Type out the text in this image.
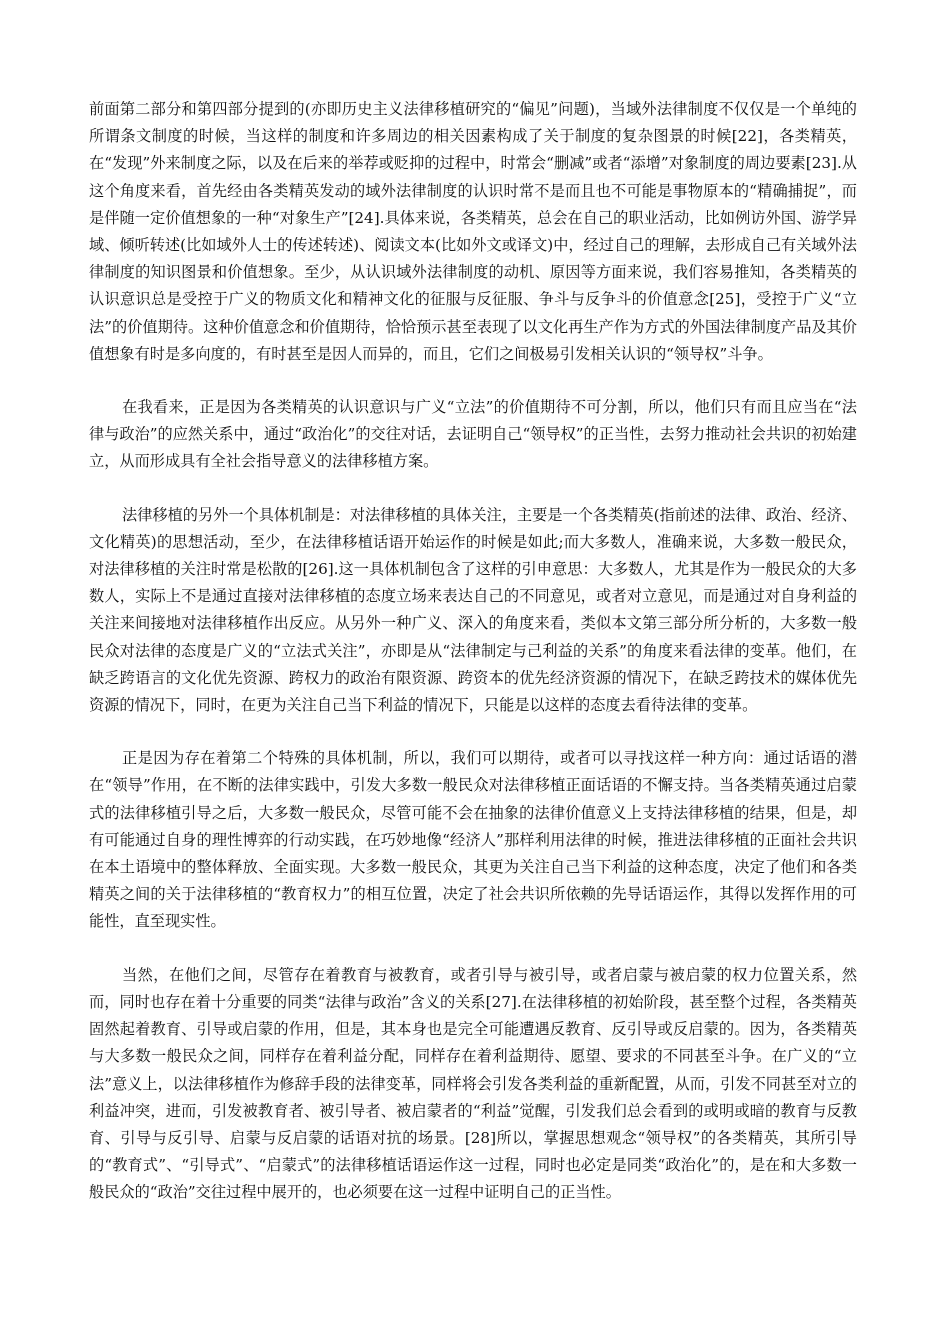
前面第二部分和第四部分提到的(亦即历史主义法律移植研究的“偏见”问题)，当域外法律制度不仅仅是一个单纯的所谓条文制度的时候，当这样的制度和许多周边的相关因素构成了关于制度的复杂图景的时候[22]，各类精英，在“发现”外来制度之际，以及在后来的举荐或贬抑的过程中，时常会“删减”或者“添增”对象制度的周边要素[23].从这个角度来看，首先经由各类精英发动的域外法律制度的认识时常不是而且也不可能是事物原本的“精确捕捉”，而是伴随一定价值想象的一种“对象生产”[24].具体来说，各类精英，总会在自己的职业活动，比如例访外国、游学异域、倾听转述(比如域外人士的传述转述)、阅读文本(比如外文或译文)中，经过自己的理解，去形成自己有关域外法律制度的知识图景和价值想象。至少，从认识域外法律制度的动机、原因等方面来说，我们容易推知，各类精英的认识意识总是受控于广义的物质文化和精神文化的征服与反征服、争斗与反争斗的价值意念[25]，受控于广义“立法”的价值期待。这种价值意念和价值期待，恰恰预示甚至表现了以文化再生产作为方式的外国法律制度产品及其价值想象有时是多向度的，有时甚至是因人而异的，而且，它们之间极易引发相关认识的“领导权”斗争。

在我看来，正是因为各类精英的认识意识与广义“立法”的价值期待不可分割，所以，他们只有而且应当在“法律与政治”的应然关系中，通过“政治化”的交往对话，去证明自己“领导权”的正当性，去努力推动社会共识的初始建立，从而形成具有全社会指导意义的法律移植方案。

法律移植的另外一个具体机制是：对法律移植的具体关注，主要是一个各类精英(指前述的法律、政治、经济、文化精英)的思想活动，至少，在法律移植话语开始运作的时候是如此;而大多数人，准确来说，大多数一般民众，对法律移植的关注时常是松散的[26].这一具体机制包含了这样的引申意思：大多数人，尤其是作为一般民众的大多数人，实际上不是通过直接对法律移植的态度立场来表达自己的不同意见，或者对立意见，而是通过对自身利益的关注来间接地对法律移植作出反应。从另外一种广义、深入的角度来看，类似本文第三部分所分析的，大多数一般民众对法律的态度是广义的“立法式关注”，亦即是从“法律制定与己利益的关系”的角度来看法律的变革。他们，在缺乏跨语言的文化优先资源、跨权力的政治有限资源、跨资本的优先经济资源的情况下，在缺乏跨技术的媒体优先资源的情况下，同时，在更为关注自己当下利益的情况下，只能是以这样的态度去看待法律的变革。

正是因为存在着第二个特殊的具体机制，所以，我们可以期待，或者可以寻找这样一种方向：通过话语的潜在“领导”作用，在不断的法律实践中，引发大多数一般民众对法律移植正面话语的不懈支持。当各类精英通过启蒙式的法律移植引导之后，大多数一般民众，尽管可能不会在抽象的法律价值意义上支持法律移植的结果，但是，却有可能通过自身的理性博弈的行动实践，在巧妙地像“经济人”那样利用法律的时候，推进法律移植的正面社会共识在本土语境中的整体释放、全面实现。大多数一般民众，其更为关注自己当下利益的这种态度，决定了他们和各类精英之间的关于法律移植的“教育权力”的相互位置，决定了社会共识所依赖的先导话语运作，其得以发挥作用的可能性，直至现实性。

当然，在他们之间，尽管存在着教育与被教育，或者引导与被引导，或者启蒙与被启蒙的权力位置关系，然而，同时也存在着十分重要的同类“法律与政治”含义的关系[27].在法律移植的初始阶段，甚至整个过程，各类精英固然起着教育、引导或启蒙的作用，但是，其本身也是完全可能遭遇反教育、反引导或反启蒙的。因为，各类精英与大多数一般民众之间，同样存在着利益分配，同样存在着利益期待、愿望、要求的不同甚至斗争。在广义的“立法”意义上，以法律移植作为修辞手段的法律变革，同样将会引发各类利益的重新配置，从而，引发不同甚至对立的利益冲突，进而，引发被教育者、被引导者、被启蒙者的“利益”觉醒，引发我们总会看到的或明或暗的教育与反教育、引导与反引导、启蒙与反启蒙的话语对抗的场景。[28]所以，掌握思想观念“领导权”的各类精英，其所引导的“教育式”、“引导式”、“启蒙式”的法律移植话语运作这一过程，同时也必定是同类“政治化”的，是在和大多数一般民众的“政治”交往过程中展开的，也必须要在这一过程中证明自己的正当性。
